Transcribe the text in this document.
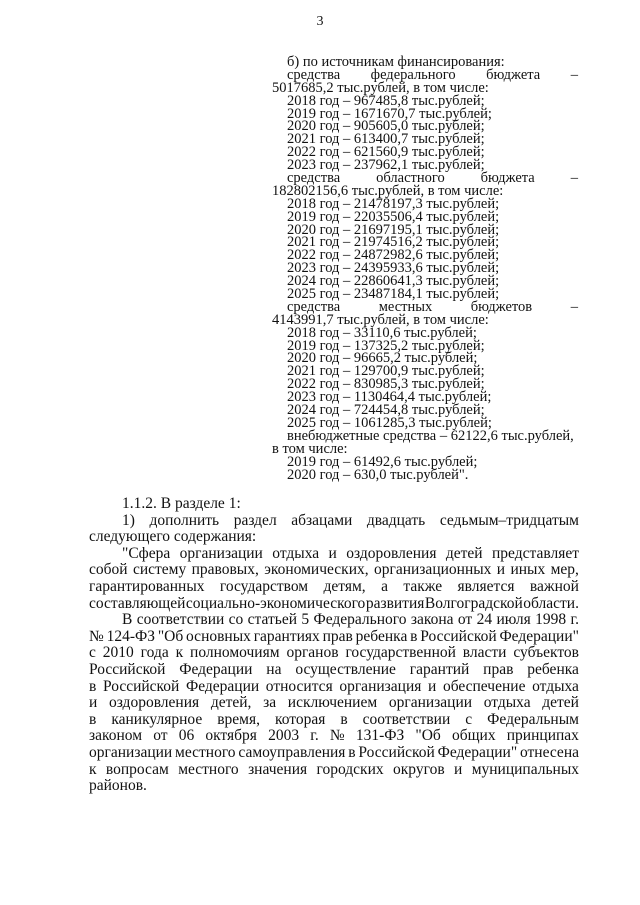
3
б) по источникам финансирования:
средства федерального бюджета –
5017685,2 тыс.рублей, в том числе:
2018 год – 967485,8 тыс.рублей;
2019 год – 1671670,7 тыс.рублей;
2020 год – 905605,0 тыс.рублей;
2021 год – 613400,7 тыс.рублей;
2022 год – 621560,9 тыс.рублей;
2023 год – 237962,1 тыс.рублей;
средства областного бюджета –
182802156,6 тыс.рублей, в том числе:
2018 год – 21478197,3 тыс.рублей;
2019 год – 22035506,4 тыс.рублей;
2020 год – 21697195,1 тыс.рублей;
2021 год – 21974516,2 тыс.рублей;
2022 год – 24872982,6 тыс.рублей;
2023 год – 24395933,6 тыс.рублей;
2024 год – 22860641,3 тыс.рублей;
2025 год – 23487184,1 тыс.рублей;
средства	местных	бюджетов	–
4143991,7 тыс.рублей, в том числе:
2018 год – 33110,6 тыс.рублей;
2019 год – 137325,2 тыс.рублей;
2020 год – 96665,2 тыс.рублей;
2021 год – 129700,9 тыс.рублей;
2022 год – 830985,3 тыс.рублей;
2023 год – 1130464,4 тыс.рублей;
2024 год – 724454,8 тыс.рублей;
2025 год – 1061285,3 тыс.рублей;
внебюджетные средства – 62122,6 тыс.рублей,
в том числе:
2019 год – 61492,6 тыс.рублей;
2020 год – 630,0 тыс.рублей".
1.1.2. В разделе 1:
1) дополнить раздел абзацами двадцать седьмым–тридцатым
следующего содержания:
"Сфера организации отдыха и оздоровления детей представляет
собой систему правовых, экономических, организационных и иных мер,
гарантированных государством детям, а также является важной
составляющей социально-экономического развития Волгоградской области.
В соответствии со статьей 5 Федерального закона от 24 июля 1998 г.
№ 124-ФЗ "Об основных гарантиях прав ребенка в Российской Федерации"
с 2010 года к полномочиям органов государственной власти субъектов
Российской Федерации на осуществление гарантий прав ребенка
в Российской Федерации относится организация и обеспечение отдыха
и оздоровления детей, за исключением организации отдыха детей
в каникулярное время, которая в соответствии с Федеральным
законом от 06 октября 2003 г. № 131-ФЗ "Об общих принципах
организации местного самоуправления в Российской Федерации" отнесена
к вопросам местного значения городских округов и муниципальных
районов.
